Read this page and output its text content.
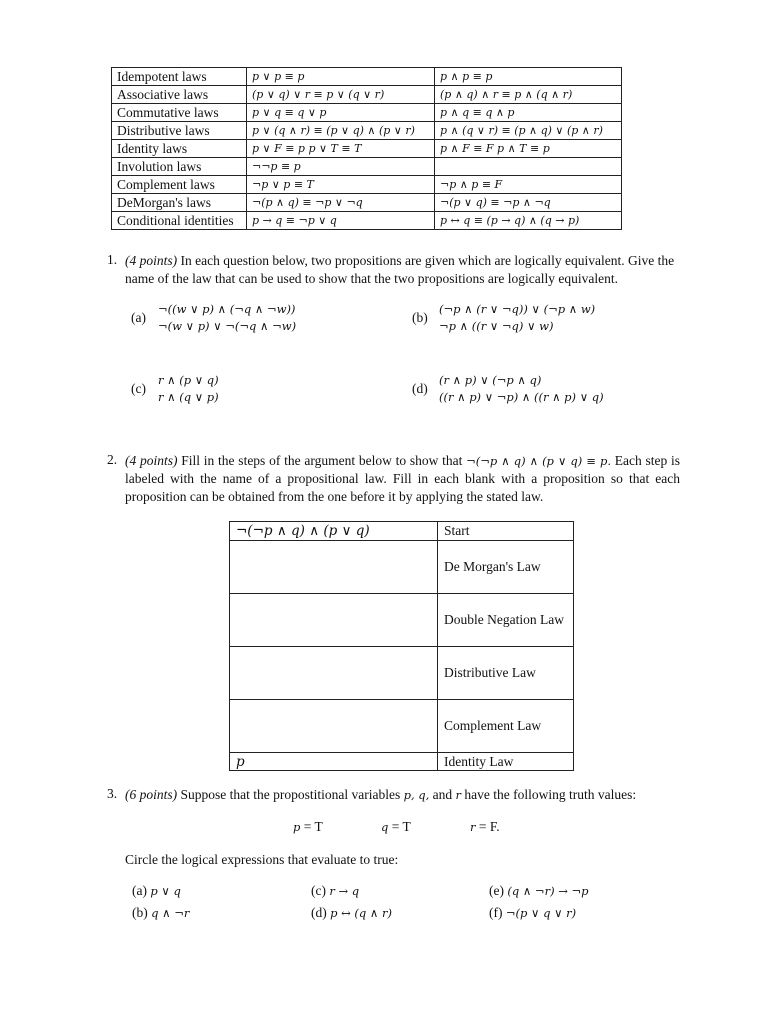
Idempotent laws	p ∨ p ≡ p	p ∧ p ≡ p
Associative laws	(p ∨ q) ∨ r ≡ p ∨ (q ∨ r)	(p ∧ q) ∧ r ≡ p ∧ (q ∧ r)
Commutative laws	p ∨ q ≡ q ∨ p	p ∧ q ≡ q ∧ p
Distributive laws	p ∨ (q ∧ r) ≡ (p ∨ q) ∧ (p ∨ r)	p ∧ (q ∨ r) ≡ (p ∧ q) ∨ (p ∧ r)
Identity laws	p ∨ F ≡ p p ∨ T ≡ T	p ∧ F ≡ F p ∧ T ≡ p
Involution laws	¬¬p ≡ p	
Complement laws	¬p ∨ p ≡ T	¬p ∧ p ≡ F
DeMorgan's laws	¬(p ∧ q) ≡ ¬p ∨ ¬q	¬(p ∨ q) ≡ ¬p ∧ ¬q
Conditional identities	p → q ≡ ¬p ∨ q	p ↔ q ≡ (p → q) ∧ (q → p)
1. (4 points) In each question below, two propositions are given which are logically equivalent. Give the name of the law that can be used to show that the two propositions are logically equivalent.
(a)
¬((w ∨ p) ∧ (¬q ∧ ¬w))
¬(w ∨ p) ∨ ¬(¬q ∧ ¬w)
(b)
(¬p ∧ (r ∨ ¬q)) ∨ (¬p ∧ w)
¬p ∧ ((r ∨ ¬q) ∨ w)
(c)
r ∧ (p ∨ q)
r ∧ (q ∨ p)
(d)
(r ∧ p) ∨ (¬p ∧ q)
((r ∧ p) ∨ ¬p) ∧ ((r ∧ p) ∨ q)
2. (4 points) Fill in the steps of the argument below to show that ¬(¬p ∧ q) ∧ (p ∨ q) ≡ p. Each step is labeled with the name of a propositional law. Fill in each blank with a proposition so that each proposition can be obtained from the one before it by applying the stated law.
¬(¬p ∧ q) ∧ (p ∨ q)	Start
	De Morgan's Law
	Double Negation Law
	Distributive Law
	Complement Law
p	Identity Law
3. (6 points) Suppose that the propostitional variables p, q, and r have the following truth values:
p = T	q = T	r = F.
Circle the logical expressions that evaluate to true:
(a) p ∨ q
(b) q ∧ ¬r
(c) r → q
(d) p ↔ (q ∧ r)
(e) (q ∧ ¬r) → ¬p
(f) ¬(p ∨ q ∨ r)
